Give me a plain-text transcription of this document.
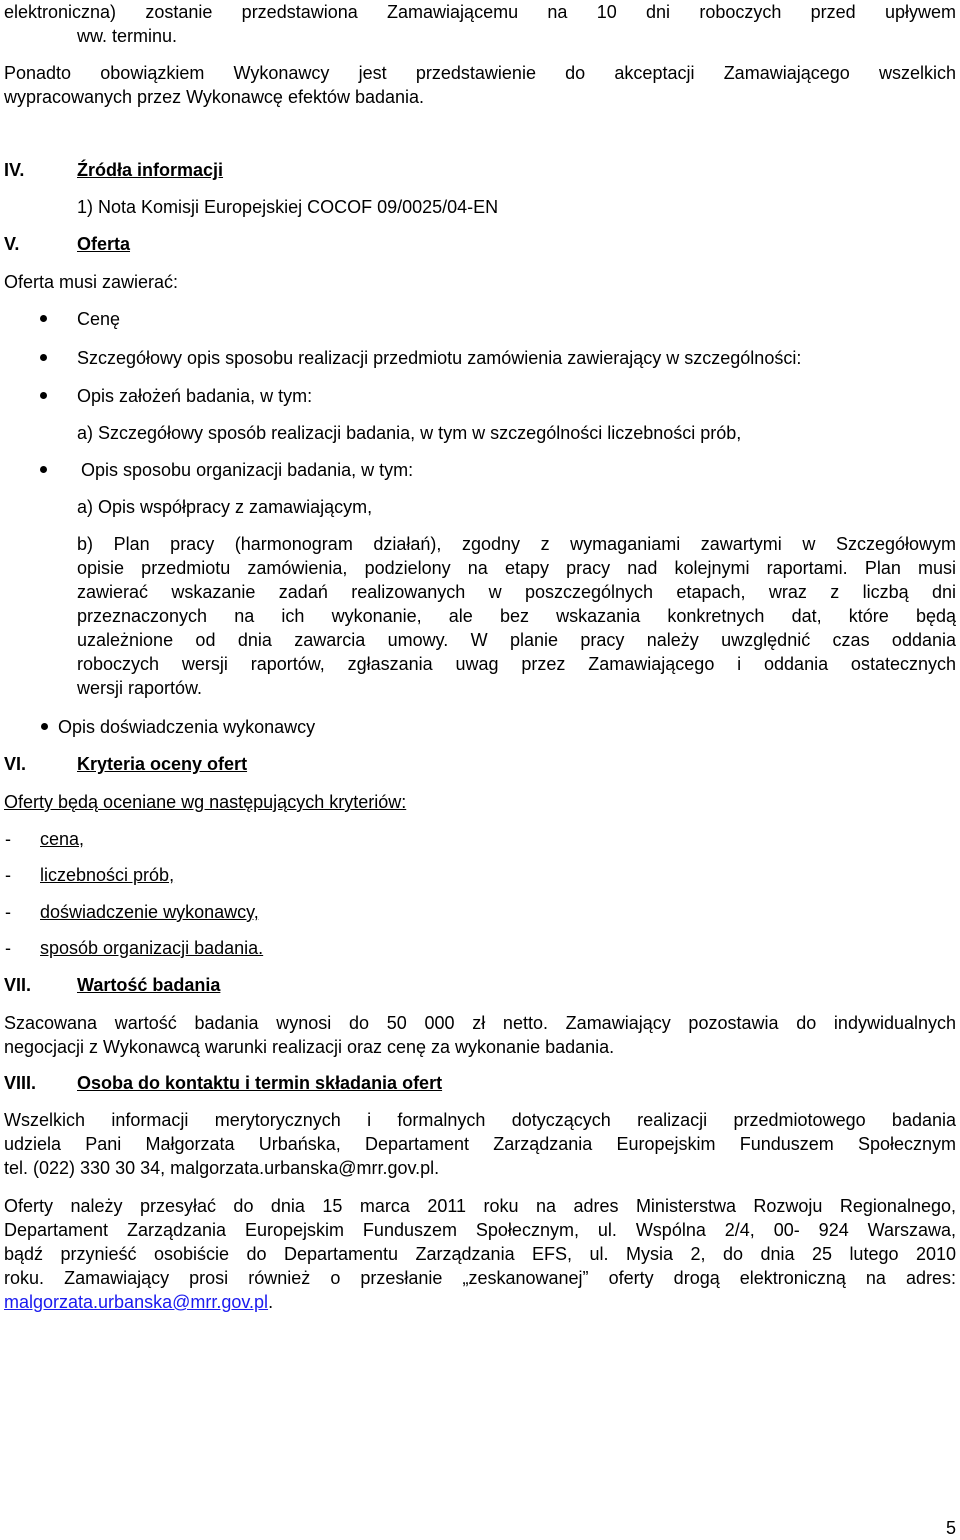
elektroniczna) zostanie przedstawiona Zamawiającemu na 10 dni roboczych przed upływem
ww. terminu.
Ponadto obowiązkiem Wykonawcy jest przedstawienie do akceptacji Zamawiającego wszelkich
wypracowanych przez Wykonawcę efektów badania.
IV.	Źródła informacji
1) Nota Komisji Europejskiej COCOF 09/0025/04-EN
V.	Oferta
Oferta musi zawierać:
Cenę
Szczegółowy opis sposobu realizacji przedmiotu zamówienia zawierający w szczególności:
Opis założeń badania, w tym:
a) Szczegółowy sposób realizacji badania, w tym w szczególności liczebności prób,
Opis sposobu organizacji badania, w tym:
a) Opis współpracy z zamawiającym,
b) Plan pracy (harmonogram działań), zgodny z wymaganiami zawartymi w Szczegółowym
opisie przedmiotu zamówienia, podzielony na etapy pracy nad kolejnymi raportami. Plan musi
zawierać wskazanie zadań realizowanych w poszczególnych etapach, wraz z liczbą dni
przeznaczonych na ich wykonanie, ale bez wskazania konkretnych dat, które będą
uzależnione od dnia zawarcia umowy. W planie pracy należy uwzględnić czas oddania
roboczych wersji raportów, zgłaszania uwag przez Zamawiającego i oddania ostatecznych
wersji raportów.
Opis doświadczenia wykonawcy
VI.	Kryteria oceny ofert
Oferty będą oceniane wg następujących kryteriów:
- cena,
- liczebności prób,
- doświadczenie wykonawcy,
- sposób organizacji badania.
VII.	Wartość badania
Szacowana wartość badania wynosi do 50 000 zł netto. Zamawiający pozostawia do indywidualnych
negocjacji z Wykonawcą warunki realizacji oraz cenę za wykonanie badania.
VIII. Osoba do kontaktu i termin składania ofert
Wszelkich informacji merytorycznych i formalnych dotyczących realizacji przedmiotowego badania
udziela Pani Małgorzata Urbańska, Departament Zarządzania Europejskim Funduszem Społecznym
tel. (022) 330 30 34, malgorzata.urbanska@mrr.gov.pl.
Oferty należy przesyłać do dnia 15 marca 2011 roku na adres Ministerstwa Rozwoju Regionalnego,
Departament Zarządzania Europejskim Funduszem Społecznym, ul. Wspólna 2/4, 00- 924 Warszawa,
bądź przynieść osobiście do Departamentu Zarządzania EFS, ul. Mysia 2, do dnia 25 lutego 2010
roku. Zamawiający prosi również o przesłanie „zeskanowanej” oferty drogą elektroniczną na adres:
malgorzata.urbanska@mrr.gov.pl.
5
